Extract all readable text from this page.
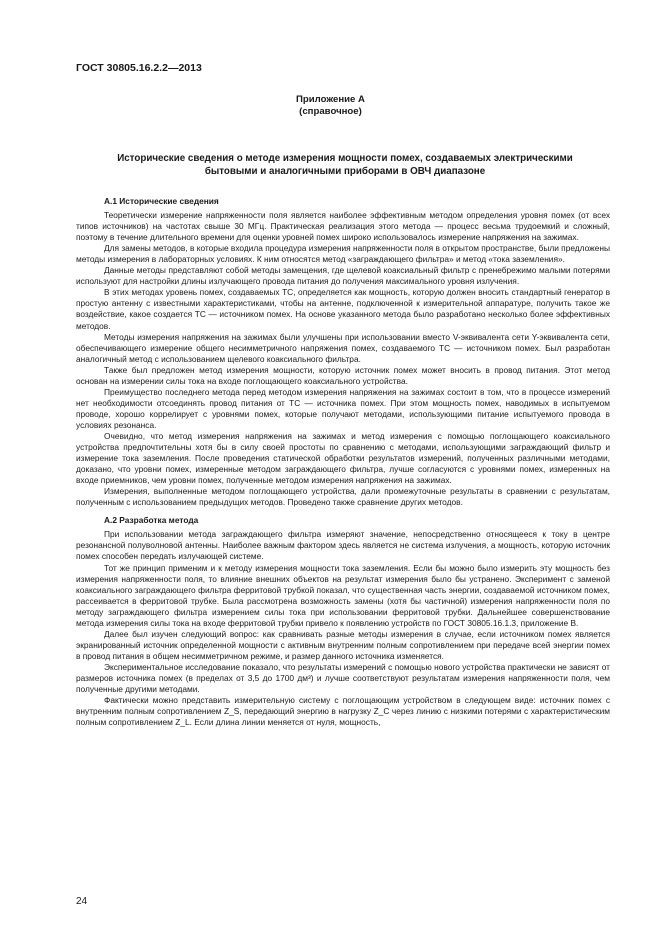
ГОСТ 30805.16.2.2—2013
Приложение А
(справочное)
Исторические сведения о методе измерения мощности помех, создаваемых электрическими бытовыми и аналогичными приборами в ОВЧ диапазоне
А.1 Исторические сведения

Теоретически измерение напряженности поля является наиболее эффективным методом определения уровня помех (от всех типов источников) на частотах свыше 30 МГц. Практическая реализация этого метода — процесс весьма трудоемкий и сложный, поэтому в течение длительного времени для оценки уровней помех широко использовалось измерение напряжения на зажимах.

Для замены методов, в которые входила процедура измерения напряженности поля в открытом пространстве, были предложены методы измерения в лабораторных условиях. К ним относятся метод «заграждающего фильтра» и метод «тока заземления».

Данные методы представляют собой методы замещения, где щелевой коаксиальный фильтр с пренебрежимо малыми потерями используют для настройки длины излучающего провода питания до получения максимального уровня излучения.

В этих методах уровень помех, создаваемых ТС, определяется как мощность, которую должен вносить стандартный генератор в простую антенну с известными характеристиками, чтобы на антенне, подключенной к измерительной аппаратуре, получить такое же воздействие, какое создается ТС — источником помех. На основе указанного метода было разработано несколько более эффективных методов.

Методы измерения напряжения на зажимах были улучшены при использовании вместо V-эквивалента сети Y-эквивалента сети, обеспечивающего измерение общего несимметричного напряжения помех, создаваемого ТС — источником помех. Был разработан аналогичный метод с использованием щелевого коаксиального фильтра.

Также был предложен метод измерения мощности, которую источник помех может вносить в провод питания. Этот метод основан на измерении силы тока на входе поглощающего коаксиального устройства.

Преимущество последнего метода перед методом измерения напряжения на зажимах состоит в том, что в процессе измерений нет необходимости отсоединять провод питания от ТС — источника помех. При этом мощность помех, наводимых в испытуемом проводе, хорошо коррелирует с уровнями помех, которые получают методами, использующими питание испытуемого провода в условиях резонанса.

Очевидно, что метод измерения напряжения на зажимах и метод измерения с помощью поглощающего коаксиального устройства предпочтительны хотя бы в силу своей простоты по сравнению с методами, использующими заграждающий фильтр и измерение тока заземления. После проведения статической обработки результатов измерений, полученных различными методами, доказано, что уровни помех, измеренные методом заграждающего фильтра, лучше согласуются с уровнями помех, измеренных на входе приемников, чем уровни помех, полученные методом измерения напряжения на зажимах.

Измерения, выполненные методом поглощающего устройства, дали промежуточные результаты в сравнении с результатам, полученным с использованием предыдущих методов. Проведено также сравнение других методов.

А.2 Разработка метода

При использовании метода заграждающего фильтра измеряют значение, непосредственно относящееся к току в центре резонансной полуволновой антенны. Наиболее важным фактором здесь является не система излучения, а мощность, которую источник помех способен передать излучающей системе.

Тот же принцип применим и к методу измерения мощности тока заземления. Если бы можно было измерить эту мощность без измерения напряженности поля, то влияние внешних объектов на результат измерения было бы устранено. Эксперимент с заменой коаксиального заграждающего фильтра ферритовой трубкой показал, что существенная часть энергии, создаваемой источником помех, рассеивается в ферритовой трубке. Была рассмотрена возможность замены (хотя бы частичной) измерения напряженности поля по методу заграждающего фильтра измерением силы тока при использовании ферритовой трубки. Дальнейшее совершенствование метода измерения силы тока на входе ферритовой трубки привело к появлению устройств по ГОСТ 30805.16.1.3, приложение В.

Далее был изучен следующий вопрос: как сравнивать разные методы измерения в случае, если источником помех является экранированный источник определенной мощности с активным внутренним полным сопротивлением при передаче всей энергии помех в провод питания в общем несимметричном режиме, и размер данного источника изменяется.

Экспериментальное исследование показало, что результаты измерений с помощью нового устройства практически не зависят от размеров источника помех (в пределах от 3,5 до 1700 дм³) и лучше соответствуют результатам измерения напряженности поля, чем полученные другими методами.

Фактически можно представить измерительную систему с поглощающим устройством в следующем виде: источник помех с внутренним полным сопротивлением Z_S, передающий энергию в нагрузку Z_C через линию с низкими потерями с характеристическим полным сопротивлением Z_L. Если длина линии меняется от нуля, мощность,

24
